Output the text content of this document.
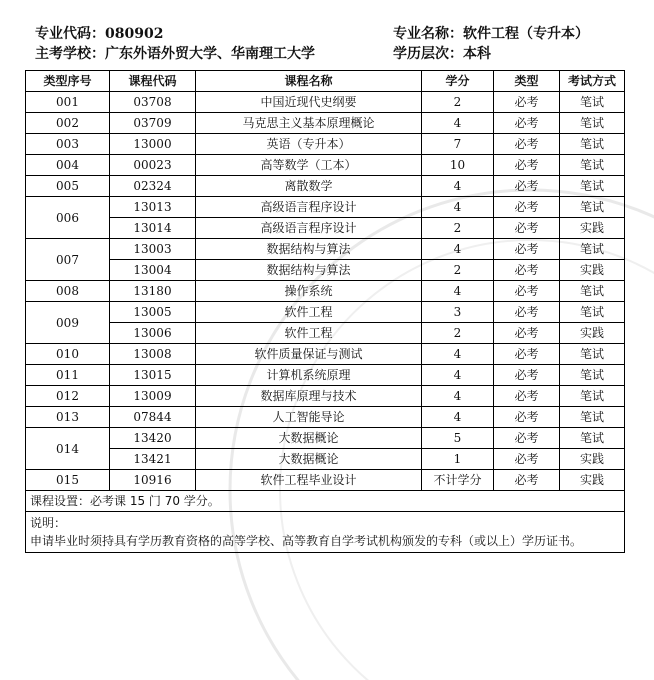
专业代码：080902	专业名称：软件工程（专升本）
主考学校：广东外语外贸大学、华南理工大学	学历层次：本科
类型序号	课程代码	课程名称	学分	类型	考试方式
001	03708	中国近现代史纲要	2	必考	笔试
002	03709	马克思主义基本原理概论	4	必考	笔试
003	13000	英语（专升本）	7	必考	笔试
004	00023	高等数学（工本）	10	必考	笔试
005	02324	离散数学	4	必考	笔试
006	13013	高级语言程序设计	4	必考	笔试
	13014	高级语言程序设计	2	必考	实践
007	13003	数据结构与算法	4	必考	笔试
	13004	数据结构与算法	2	必考	实践
008	13180	操作系统	4	必考	笔试
009	13005	软件工程	3	必考	笔试
	13006	软件工程	2	必考	实践
010	13008	软件质量保证与测试	4	必考	笔试
011	13015	计算机系统原理	4	必考	笔试
012	13009	数据库原理与技术	4	必考	笔试
013	07844	人工智能导论	4	必考	笔试
014	13420	大数据概论	5	必考	笔试
	13421	大数据概论	1	必考	实践
015	10916	软件工程毕业设计	不计学分	必考	实践
课程设置：必考课 15 门 70 学分。					

说明：
申请毕业时须持具有学历教育资格的高等学校、高等教育自学考试机构颁发的专科（或以上）学历证书。					
